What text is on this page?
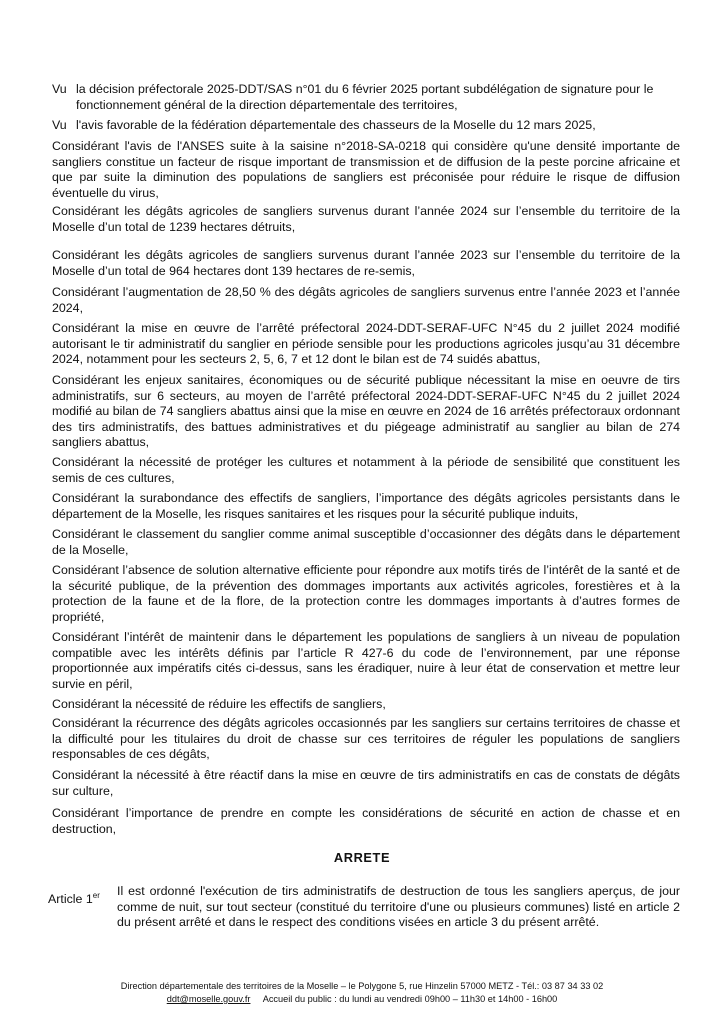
Vu la décision préfectorale 2025-DDT/SAS n°01 du 6 février 2025 portant subdélégation de signature pour le fonctionnement général de la direction départementale des territoires,
Vu l'avis favorable de la fédération départementale des chasseurs de la Moselle du 12 mars 2025,

Considérant l'avis de l'ANSES suite à la saisine n°2018-SA-0218 qui considère qu'une densité importante de sangliers constitue un facteur de risque important de transmission et de diffusion de la peste porcine africaine et que par suite la diminution des populations de sangliers est préconisée pour réduire le risque de diffusion éventuelle du virus,

Considérant les dégâts agricoles de sangliers survenus durant l’année 2024 sur l’ensemble du territoire de la Moselle d’un total de 1239 hectares détruits,

Considérant les dégâts agricoles de sangliers survenus durant l’année 2023 sur l’ensemble du territoire de la Moselle d’un total de 964 hectares dont 139 hectares de re-semis,

Considérant l’augmentation de 28,50 % des dégâts agricoles de sangliers survenus entre l’année 2023 et l’année 2024,

Considérant la mise en œuvre de l’arrêté préfectoral 2024-DDT-SERAF-UFC N°45 du 2 juillet 2024 modifié autorisant le tir administratif du sanglier en période sensible pour les productions agricoles jusqu’au 31 décembre 2024, notamment pour les secteurs 2, 5, 6, 7 et 12 dont le bilan est de 74 suidés abattus,

Considérant les enjeux sanitaires, économiques ou de sécurité publique nécessitant la mise en oeuvre de tirs administratifs, sur 6 secteurs, au moyen de l’arrêté préfectoral 2024-DDT-SERAF-UFC N°45 du 2 juillet 2024 modifié au bilan de 74 sangliers abattus ainsi que la mise en œuvre en 2024 de 16 arrêtés préfectoraux ordonnant des tirs administratifs, des battues administratives et du piégeage administratif au sanglier au bilan de 274 sangliers abattus,

Considérant la nécessité de protéger les cultures et notamment à la période de sensibilité que constituent les semis de ces cultures,

Considérant la surabondance des effectifs de sangliers, l’importance des dégâts agricoles persistants dans le département de la Moselle, les risques sanitaires et les risques pour la sécurité publique induits,

Considérant le classement du sanglier comme animal susceptible d’occasionner des dégâts dans le département de la Moselle,

Considérant l’absence de solution alternative efficiente pour répondre aux motifs tirés de l’intérêt de la santé et de la sécurité publique, de la prévention des dommages importants aux activités agricoles, forestières et à la protection de la faune et de la flore, de la protection contre les dommages importants à d’autres formes de propriété,

Considérant l’intérêt de maintenir dans le département les populations de sangliers à un niveau de population compatible avec les intérêts définis par l’article R 427-6 du code de l’environnement, par une réponse proportionnée aux impératifs cités ci-dessus, sans les éradiquer, nuire à leur état de conservation et mettre leur survie en péril,

Considérant la nécessité de réduire les effectifs de sangliers,

Considérant la récurrence des dégâts agricoles occasionnés par les sangliers sur certains territoires de chasse et la difficulté pour les titulaires du droit de chasse sur ces territoires de réguler les populations de sangliers responsables de ces dégâts,

Considérant la nécessité à être réactif dans la mise en œuvre de tirs administratifs en cas de constats de dégâts sur culture,

Considérant l’importance de prendre en compte les considérations de sécurité en action de chasse et en destruction,

ARRETE
Article 1er Il est ordonné l'exécution de tirs administratifs de destruction de tous les sangliers aperçus, de jour comme de nuit, sur tout secteur (constitué du territoire d'une ou plusieurs communes) listé en article 2 du présent arrêté et dans le respect des conditions visées en article 3 du présent arrêté.
Direction départementale des territoires de la Moselle – le Polygone 5, rue Hinzelin 57000 METZ - Tél.: 03 87 34 33 02
ddt@moselle.gouv.fr Accueil du public : du lundi au vendredi 09h00 – 11h30 et 14h00 - 16h00
